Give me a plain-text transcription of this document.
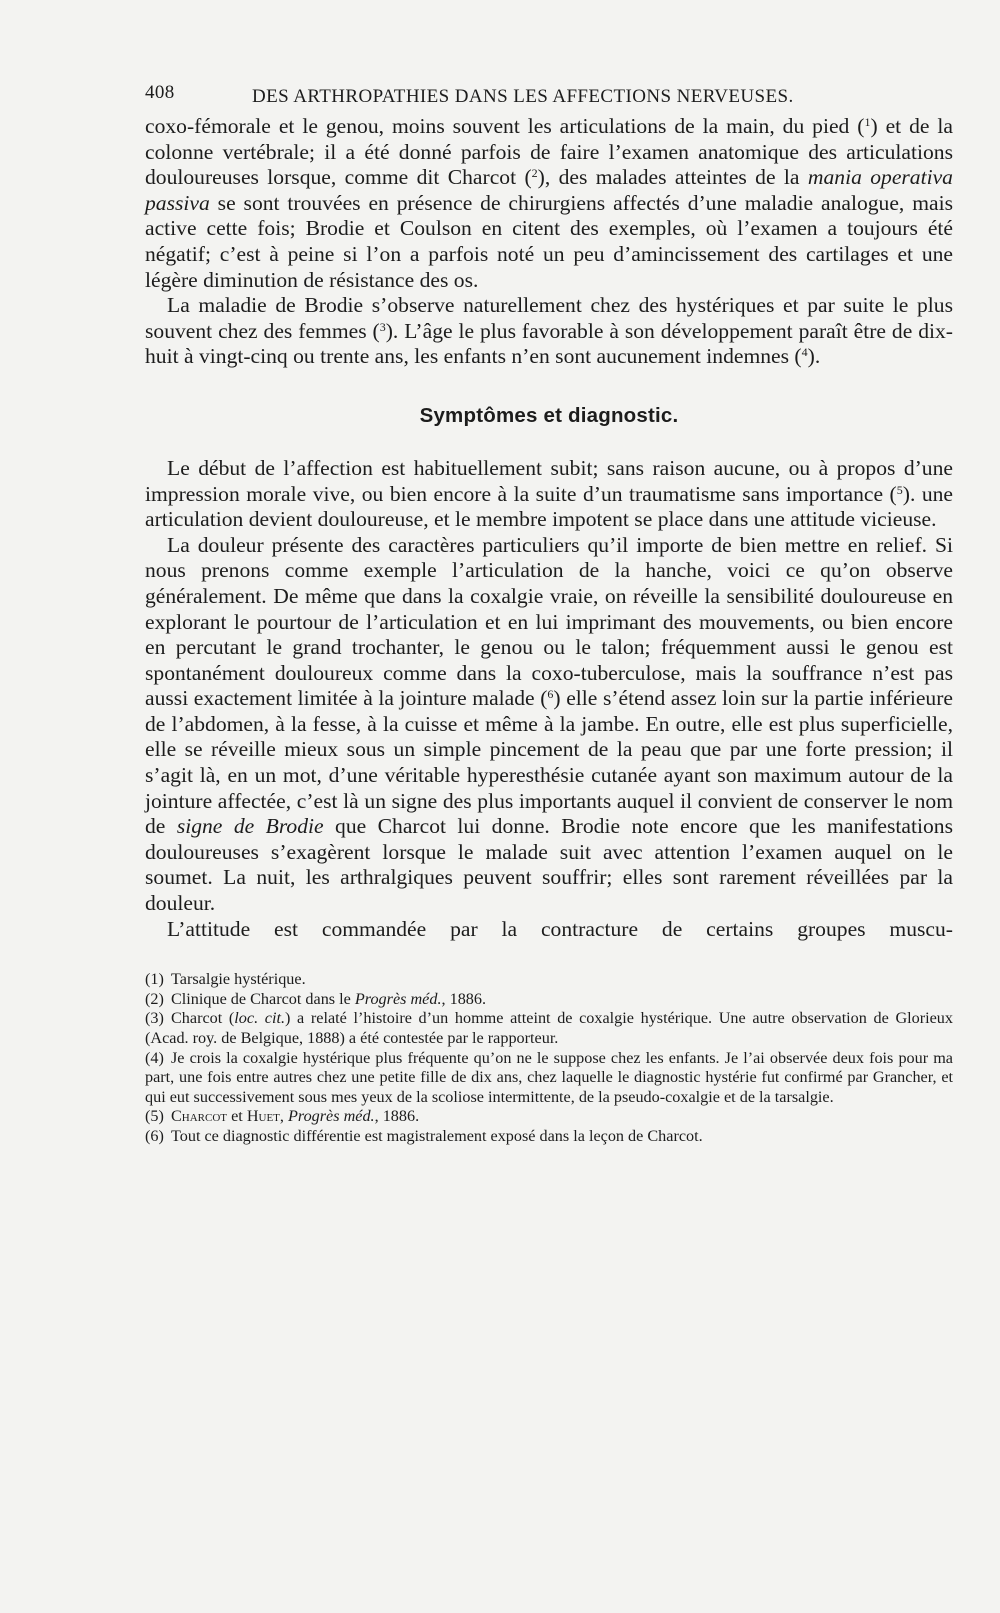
408	DES ARTHROPATHIES DANS LES AFFECTIONS NERVEUSES.

coxo-fémorale et le genou, moins souvent les articulations de la main, du pied ($^1$) et de la colonne vertébrale; il a été donné parfois de faire l’examen anatomique des articulations douloureuses lorsque, comme dit Charcot ($^2$), des malades atteintes de la mania operativa passiva se sont trouvées en présence de chirurgiens affectés d’une maladie analogue, mais active cette fois; Brodie et Coulson en citent des exemples, où l’examen a toujours été négatif; c’est à peine si l’on a parfois noté un peu d’amincissement des cartilages et une légère diminution de résistance des os.

La maladie de Brodie s’observe naturellement chez des hystériques et par suite le plus souvent chez des femmes ($^3$). L’âge le plus favorable à son développement paraît être de dix-huit à vingt-cinq ou trente ans, les enfants n’en sont aucunement indemnes ($^4$).

Symptômes et diagnostic.

Le début de l’affection est habituellement subit; sans raison aucune, ou à propos d’une impression morale vive, ou bien encore à la suite d’un traumatisme sans importance ($^5$). une articulation devient douloureuse, et le membre impotent se place dans une attitude vicieuse.

La douleur présente des caractères particuliers qu’il importe de bien mettre en relief. Si nous prenons comme exemple l’articulation de la hanche, voici ce qu’on observe généralement. De même que dans la coxalgie vraie, on réveille la sensibilité douloureuse en explorant le pourtour de l’articulation et en lui imprimant des mouvements, ou bien encore en percutant le grand trochanter, le genou ou le talon; fréquemment aussi le genou est spontanément douloureux comme dans la coxo-tuberculose, mais la souffrance n’est pas aussi exactement limitée à la jointure malade ($^6$) elle s’étend assez loin sur la partie inférieure de l’abdomen, à la fesse, à la cuisse et même à la jambe. En outre, elle est plus superficielle, elle se réveille mieux sous un simple pincement de la peau que par une forte pression; il s’agit là, en un mot, d’une véritable hyperesthésie cutanée ayant son maximum autour de la jointure affectée, c’est là un signe des plus importants auquel il convient de conserver le nom de signe de Brodie que Charcot lui donne. Brodie note encore que les manifestations douloureuses s’exagèrent lorsque le malade suit avec attention l’examen auquel on le soumet. La nuit, les arthralgiques peuvent souffrir; elles sont rarement réveillées par la douleur.

L’attitude est commandée par la contracture de certains groupes muscu-

(1) Tarsalgie hystérique.

(2) Clinique de Charcot dans le Progrès méd., 1886.

(3) Charcot (loc. cit.) a relaté l’histoire d’un homme atteint de coxalgie hystérique. Une autre observation de Glorieux (Acad. roy. de Belgique, 1888) a été contestée par le rapporteur.

(4) Je crois la coxalgie hystérique plus fréquente qu’on ne le suppose chez les enfants. Je l’ai observée deux fois pour ma part, une fois entre autres chez une petite fille de dix ans, chez laquelle le diagnostic hystérie fut confirmé par Grancher, et qui eut successivement sous mes yeux de la scoliose intermittente, de la pseudo-coxalgie et de la tarsalgie.

(5) Charcot et Huet, Progrès méd., 1886.

(6) Tout ce diagnostic différentie est magistralement exposé dans la leçon de Charcot.
